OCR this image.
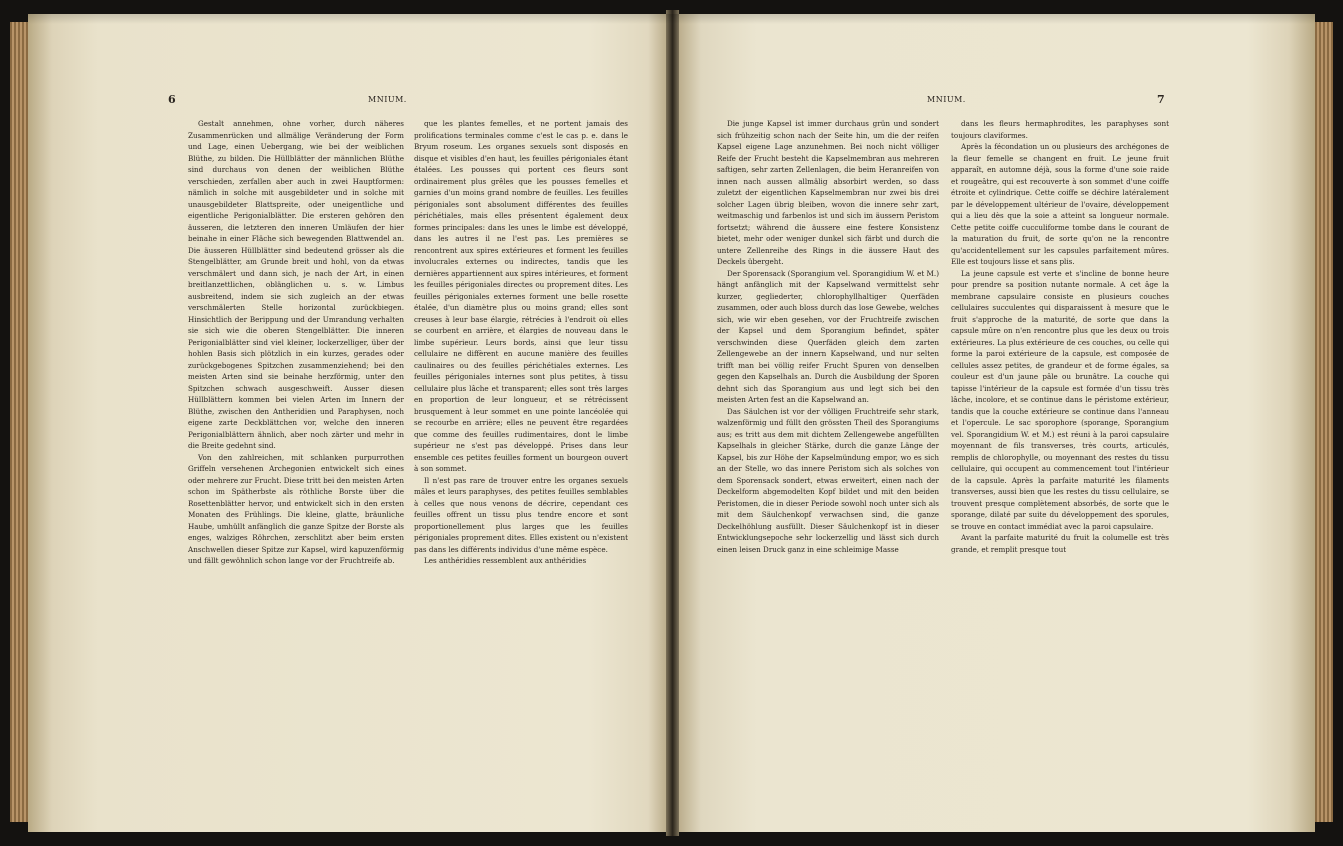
6	MNIUM.

Gestalt annehmen, ohne vorher, durch näheres Zusammenrücken und allmälige Veränderung der Form und Lage, einen Uebergang, wie bei der weiblichen Blüthe, zu bilden. Die Hüllblätter der männlichen Blüthe sind durchaus von denen der weiblichen Blüthe verschieden, zerfallen aber auch in zwei Hauptformen: nämlich in solche mit ausgebildeter und in solche mit unausgebildeter Blattspreite, oder uneigentliche und eigentliche Perigonialblätter. Die ersteren gehören den äusseren, die letzteren den inneren Umläufen der hier beinahe in einer Fläche sich bewegenden Blattwendel an. Die äusseren Hüllblätter sind bedeutend grösser als die Stengelblätter, am Grunde breit und hohl, von da etwas verschmälert und dann sich, je nach der Art, in einen breitlanzettlichen, oblänglichen u. s. w. Limbus ausbreitend, indem sie sich zugleich an der etwas verschmälerten Stelle horizontal zurückbiegen. Hinsichtlich der Berippung und der Umrandung verhalten sie sich wie die oberen Stengelblätter. Die inneren Perigonialblätter sind viel kleiner, lockerzelliger, über der hohlen Basis sich plötzlich in ein kurzes, gerades oder zurückgebogenes Spitzchen zusammenziehend; bei den meisten Arten sind sie beinahe herzförmig, unter den Spitzchen schwach ausgeschweift. Ausser diesen Hüllblättern kommen bei vielen Arten im Innern der Blüthe, zwischen den Antheridien und Paraphysen, noch eigene zarte Deckblättchen vor, welche den inneren Perigonialblättern ähnlich, aber noch zärter und mehr in die Breite gedehnt sind.

Von den zahlreichen, mit schlanken purpurrothen Griffeln versehenen Archegonien entwickelt sich eines oder mehrere zur Frucht. Diese tritt bei den meisten Arten schon im Spätherbste als röthliche Borste über die Rosettenblätter hervor, und entwickelt sich in den ersten Monaten des Frühlings. Die kleine, glatte, bräunliche Haube, umhüllt anfänglich die ganze Spitze der Borste als enges, walziges Röhrchen, zerschlitzt aber beim ersten Anschwellen dieser Spitze zur Kapsel, wird kapuzenförmig und fällt gewöhnlich schon lange vor der Fruchtreife ab.

que les plantes femelles, et ne portent jamais des prolifications terminales comme c'est le cas p. e. dans le Bryum roseum. Les organes sexuels sont disposés en disque et visibles d'en haut, les feuilles périgoniales étant étalées. Les pousses qui portent ces fleurs sont ordinairement plus grêles que les pousses femelles et garnies d'un moins grand nombre de feuilles. Les feuilles périgoniales sont absolument différentes des feuilles périchétiales, mais elles présentent également deux formes principales: dans les unes le limbe est développé, dans les autres il ne l'est pas. Les premières se rencontrent aux spires extérieures et forment les feuilles involucrales externes ou indirectes, tandis que les dernières appartiennent aux spires intérieures, et forment les feuilles périgoniales directes ou proprement dites. Les feuilles périgoniales externes forment une belle rosette étalée, d'un diamètre plus ou moins grand; elles sont creuses à leur base élargie, rétrécies à l'endroit où elles se courbent en arrière, et élargies de nouveau dans le limbe supérieur. Leurs bords, ainsi que leur tissu cellulaire ne diffèrent en aucune manière des feuilles caulinaires ou des feuilles périchétiales externes. Les feuilles périgoniales internes sont plus petites, à tissu cellulaire plus lâche et transparent; elles sont très larges en proportion de leur longueur, et se rétrécissent brusquement à leur sommet en une pointe lancéolée qui se recourbe en arrière; elles ne peuvent être regardées que comme des feuilles rudimentaires, dont le limbe supérieur ne s'est pas développé. Prises dans leur ensemble ces petites feuilles forment un bourgeon ouvert à son sommet.

Il n'est pas rare de trouver entre les organes sexuels mâles et leurs paraphyses, des petites feuilles semblables à celles que nous venons de décrire, cependant ces feuilles offrent un tissu plus tendre encore et sont proportionellement plus larges que les feuilles périgoniales proprement dites. Elles existent ou n'existent pas dans les différents individus d'une même espèce.

Les anthéridies ressemblent aux anthéridies

MNIUM.	7

Die junge Kapsel ist immer durchaus grün und sondert sich frühzeitig schon nach der Seite hin, um die der reifen Kapsel eigene Lage anzunehmen. Bei noch nicht völliger Reife der Frucht besteht die Kapselmembran aus mehreren saftigen, sehr zarten Zellenlagen, die beim Heranreifen von innen nach aussen allmälig absorbirt werden, so dass zuletzt der eigentlichen Kapselmembran nur zwei bis drei solcher Lagen übrig bleiben, wovon die innere sehr zart, weitmaschig und farbenlos ist und sich im äussern Peristom fortsetzt; während die äussere eine festere Konsistenz bietet, mehr oder weniger dunkel sich färbt und durch die untere Zellenreihe des Rings in die äussere Haut des Deckels übergeht.

Der Sporensack (Sporangium vel. Sporangidium W. et M.) hängt anfänglich mit der Kapselwand vermittelst sehr kurzer, gegliederter, chlorophyllhaltiger Querfäden zusammen, oder auch bloss durch das lose Gewebe, welches sich, wie wir eben gesehen, vor der Fruchtreife zwischen der Kapsel und dem Sporangium befindet, später verschwinden diese Querfäden gleich dem zarten Zellengewebe an der innern Kapselwand, und nur selten trifft man bei völlig reifer Frucht Spuren von denselben gegen den Kapselhals an. Durch die Ausbildung der Sporen dehnt sich das Sporangium aus und legt sich bei den meisten Arten fest an die Kapselwand an.

Das Säulchen ist vor der völligen Fruchtreife sehr stark, walzenförmig und füllt den grössten Theil des Sporangiums aus; es tritt aus dem mit dichtem Zellengewebe angefüllten Kapselhals in gleicher Stärke, durch die ganze Länge der Kapsel, bis zur Höhe der Kapselmündung empor, wo es sich an der Stelle, wo das innere Peristom sich als solches von dem Sporensack sondert, etwas erweitert, einen nach der Deckelform abgemodelten Kopf bildet und mit den beiden Peristomen, die in dieser Periode sowohl noch unter sich als mit dem Säulchenkopf verwachsen sind, die ganze Deckelhöhlung ausfüllt. Dieser Säulchenkopf ist in dieser Entwicklungsepoche sehr lockerzellig und lässt sich durch einen leisen Druck ganz in eine schleimige Masse

dans les fleurs hermaphrodites, les paraphyses sont toujours claviformes.

Après la fécondation un ou plusieurs des archégones de la fleur femelle se changent en fruit. Le jeune fruit apparaît, en automne déjà, sous la forme d'une soie raide et rougeâtre, qui est recouverte à son sommet d'une coiffe étroite et cylindrique. Cette coiffe se déchire latéralement par le développement ultérieur de l'ovaire, développement qui a lieu dès que la soie a atteint sa longueur normale. Cette petite coiffe cucculiforme tombe dans le courant de la maturation du fruit, de sorte qu'on ne la rencontre qu'accidentellement sur les capsules parfaitement mûres. Elle est toujours lisse et sans plis.

La jeune capsule est verte et s'incline de bonne heure pour prendre sa position nutante normale. A cet âge la membrane capsulaire consiste en plusieurs couches cellulaires succulentes qui disparaissent à mesure que le fruit s'approche de la maturité, de sorte que dans la capsule mûre on n'en rencontre plus que les deux ou trois extérieures. La plus extérieure de ces couches, ou celle qui forme la paroi extérieure de la capsule, est composée de cellules assez petites, de grandeur et de forme égales, sa couleur est d'un jaune pâle ou brunâtre. La couche qui tapisse l'intérieur de la capsule est formée d'un tissu très lâche, incolore, et se continue dans le péristome extérieur, tandis que la couche extérieure se continue dans l'anneau et l'opercule. Le sac sporophore (sporange, Sporangium vel. Sporangidium W. et M.) est réuni à la paroi capsulaire moyennant de fils transverses, très courts, articulés, remplis de chlorophylle, ou moyennant des restes du tissu cellulaire, qui occupent au commencement tout l'intérieur de la capsule. Après la parfaite maturité les filaments transverses, aussi bien que les restes du tissu cellulaire, se trouvent presque complètement absorbés, de sorte que le sporange, dilaté par suite du développement des sporules, se trouve en contact immédiat avec la paroi capsulaire.

Avant la parfaite maturité du fruit la columelle est très grande, et remplit presque tout
